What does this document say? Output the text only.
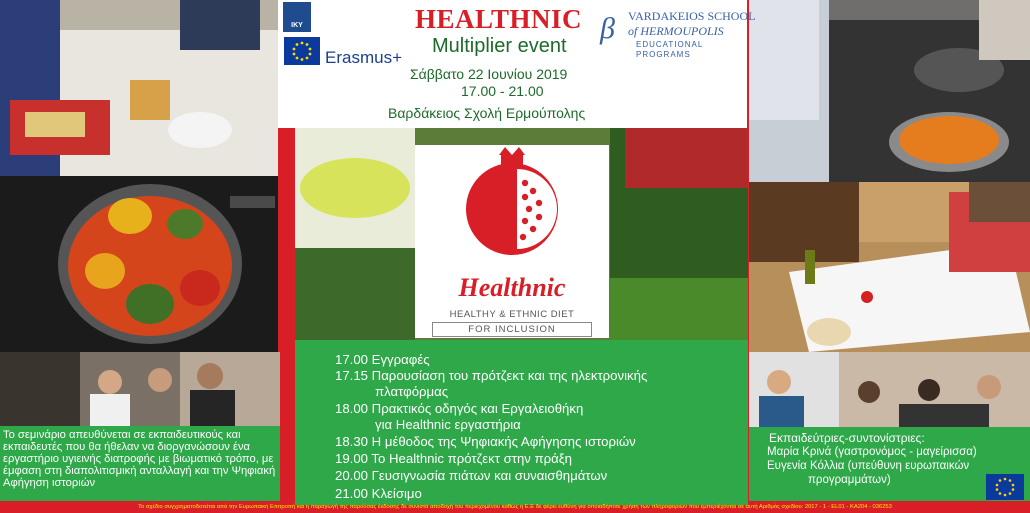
IKY
Erasmus+
HEALTHNIC
Multiplier event
Σάββατο 22 Ιουνίου 2019
17.00 - 21.00
Βαρδάκειος Σχολή Ερμούπολης
β VARDAKEIOS SCHOOL
of HERMOUPOLIS
EDUCATIONAL
PROGRAMS
Healthnic
HEALTHY & ETHNIC DIET
FOR INCLUSION
17.00 Εγγραφές
17.15 Παρουσίαση του πρότζεκτ και της ηλεκτρονικής
πλατφόρμας
18.00 Πρακτικός οδηγός και Εργαλειοθήκη
για Healthnic εργαστήρια
18.30 Η μέθοδος της Ψηφιακής Αφήγησης ιστοριών
19.00 Το Healthnic πρότζεκτ στην πράξη
20.00 Γευσιγνωσία πιάτων και συναισθημάτων
21.00 Κλείσιμο
Το σεμινάριο απευθύνεται σε εκπαιδευτικούς και εκπαιδευτές που θα ήθελαν να διοργανώσουν ένα εργαστήριο υγιεινής διατροφής με βιωματικό τρόπο, με έμφαση στη διαπολιτισμική ανταλλαγή και την Ψηφιακή Αφήγηση ιστοριών
Εκπαιδεύτριες-συντονίστριες:
Μαρία Κρινά (γαστρονόμος - μαγείρισσα)
Ευγενία Κόλλια (υπεύθυνη ευρωπαικών
προγραμμάτων)
Το σχέδιο συγχρηματοδοτείται από την Ευρωπαική Επιτροπή και η παραγωγή της παρούσας έκδοσης δε συνιστά αποδοχή του περιεχομένου καθώς η Ε.Ε δε φέρει ευθύνη για οποιαδήποτε χρήση των πληροφοριών που εμπεριέχονται σε αυτή Αριθμός σχεδίου: 2017 - 1 - EL01 - KA204 - 036253
